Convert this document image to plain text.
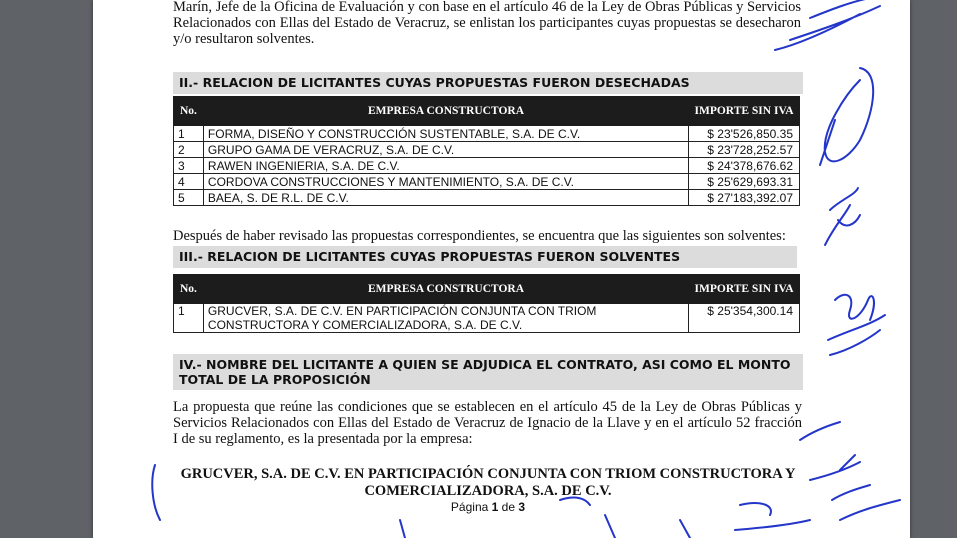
Marín, Jefe de la Oficina de Evaluación y con base en el artículo 46 de la Ley de Obras Públicas y Servicios Relacionados con Ellas del Estado de Veracruz, se enlistan los participantes cuyas propuestas se desecharon y/o resultaron solventes.
II.- RELACION DE LICITANTES CUYAS PROPUESTAS FUERON DESECHADAS
No.	EMPRESA CONSTRUCTORA	IMPORTE SIN IVA
1	FORMA, DISEÑO Y CONSTRUCCIÓN SUSTENTABLE, S.A. DE C.V.	$ 23'526,850.35
2	GRUPO GAMA DE VERACRUZ, S.A. DE C.V.	$ 23'728,252.57
3	RAWEN INGENIERIA, S.A. DE C.V.	$ 24'378,676.62
4	CORDOVA CONSTRUCCIONES Y MANTENIMIENTO, S.A. DE C.V.	$ 25'629,693.31
5	BAEA, S. DE R.L. DE C.V.	$ 27'183,392.07
Después de haber revisado las propuestas correspondientes, se encuentra que las siguientes son solventes:
III.- RELACION DE LICITANTES CUYAS PROPUESTAS FUERON SOLVENTES
No.	EMPRESA CONSTRUCTORA	IMPORTE SIN IVA
1	GRUCVER, S.A. DE C.V. EN PARTICIPACIÓN CONJUNTA CON TRIOM
CONSTRUCTORA Y COMERCIALIZADORA, S.A. DE C.V.	$ 25'354,300.14
IV.- NOMBRE DEL LICITANTE A QUIEN SE ADJUDICA EL CONTRATO, ASI COMO EL MONTO
TOTAL DE LA PROPOSICIÓN
La propuesta que reúne las condiciones que se establecen en el artículo 45 de la Ley de Obras Públicas y Servicios Relacionados con Ellas del Estado de Veracruz de Ignacio de la Llave y en el artículo 52 fracción I de su reglamento, es la presentada por la empresa:
GRUCVER, S.A. DE C.V. EN PARTICIPACIÓN CONJUNTA CON TRIOM CONSTRUCTORA Y
COMERCIALIZADORA, S.A. DE C.V.
Página 1 de 3
